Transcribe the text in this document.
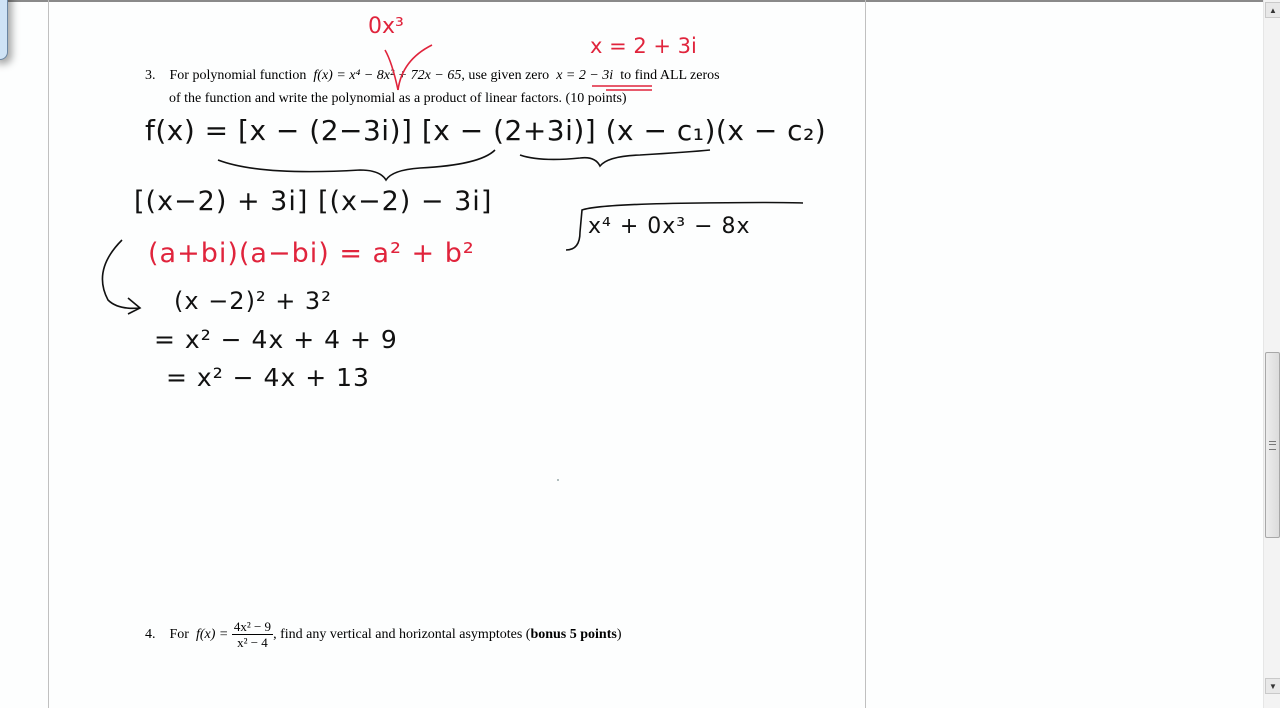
3. For polynomial function f(x) = x⁴ − 8x² + 72x − 65, use given zero x = 2 − 3i to find ALL zeros
of the function and write the polynomial as a product of linear factors. (10 points)
4. For $f(x) = \frac{\text{4x² − 9}}{\text{x² − 4}}$ , find any vertical and horizontal asymptotes (bonus 5 points)
0x³
x = 2 + 3i
(a+bi)(a−bi) = a² + b²
f(x) = [x − (2−3i)] [x − (2+3i)] (x − c₁)(x − c₂)
[(x−2) + 3i] [(x−2) − 3i]
(x −2)² + 3²
= x² − 4x + 4 + 9
= x² − 4x + 13
x⁴ + 0x³ − 8x
▲
▼
